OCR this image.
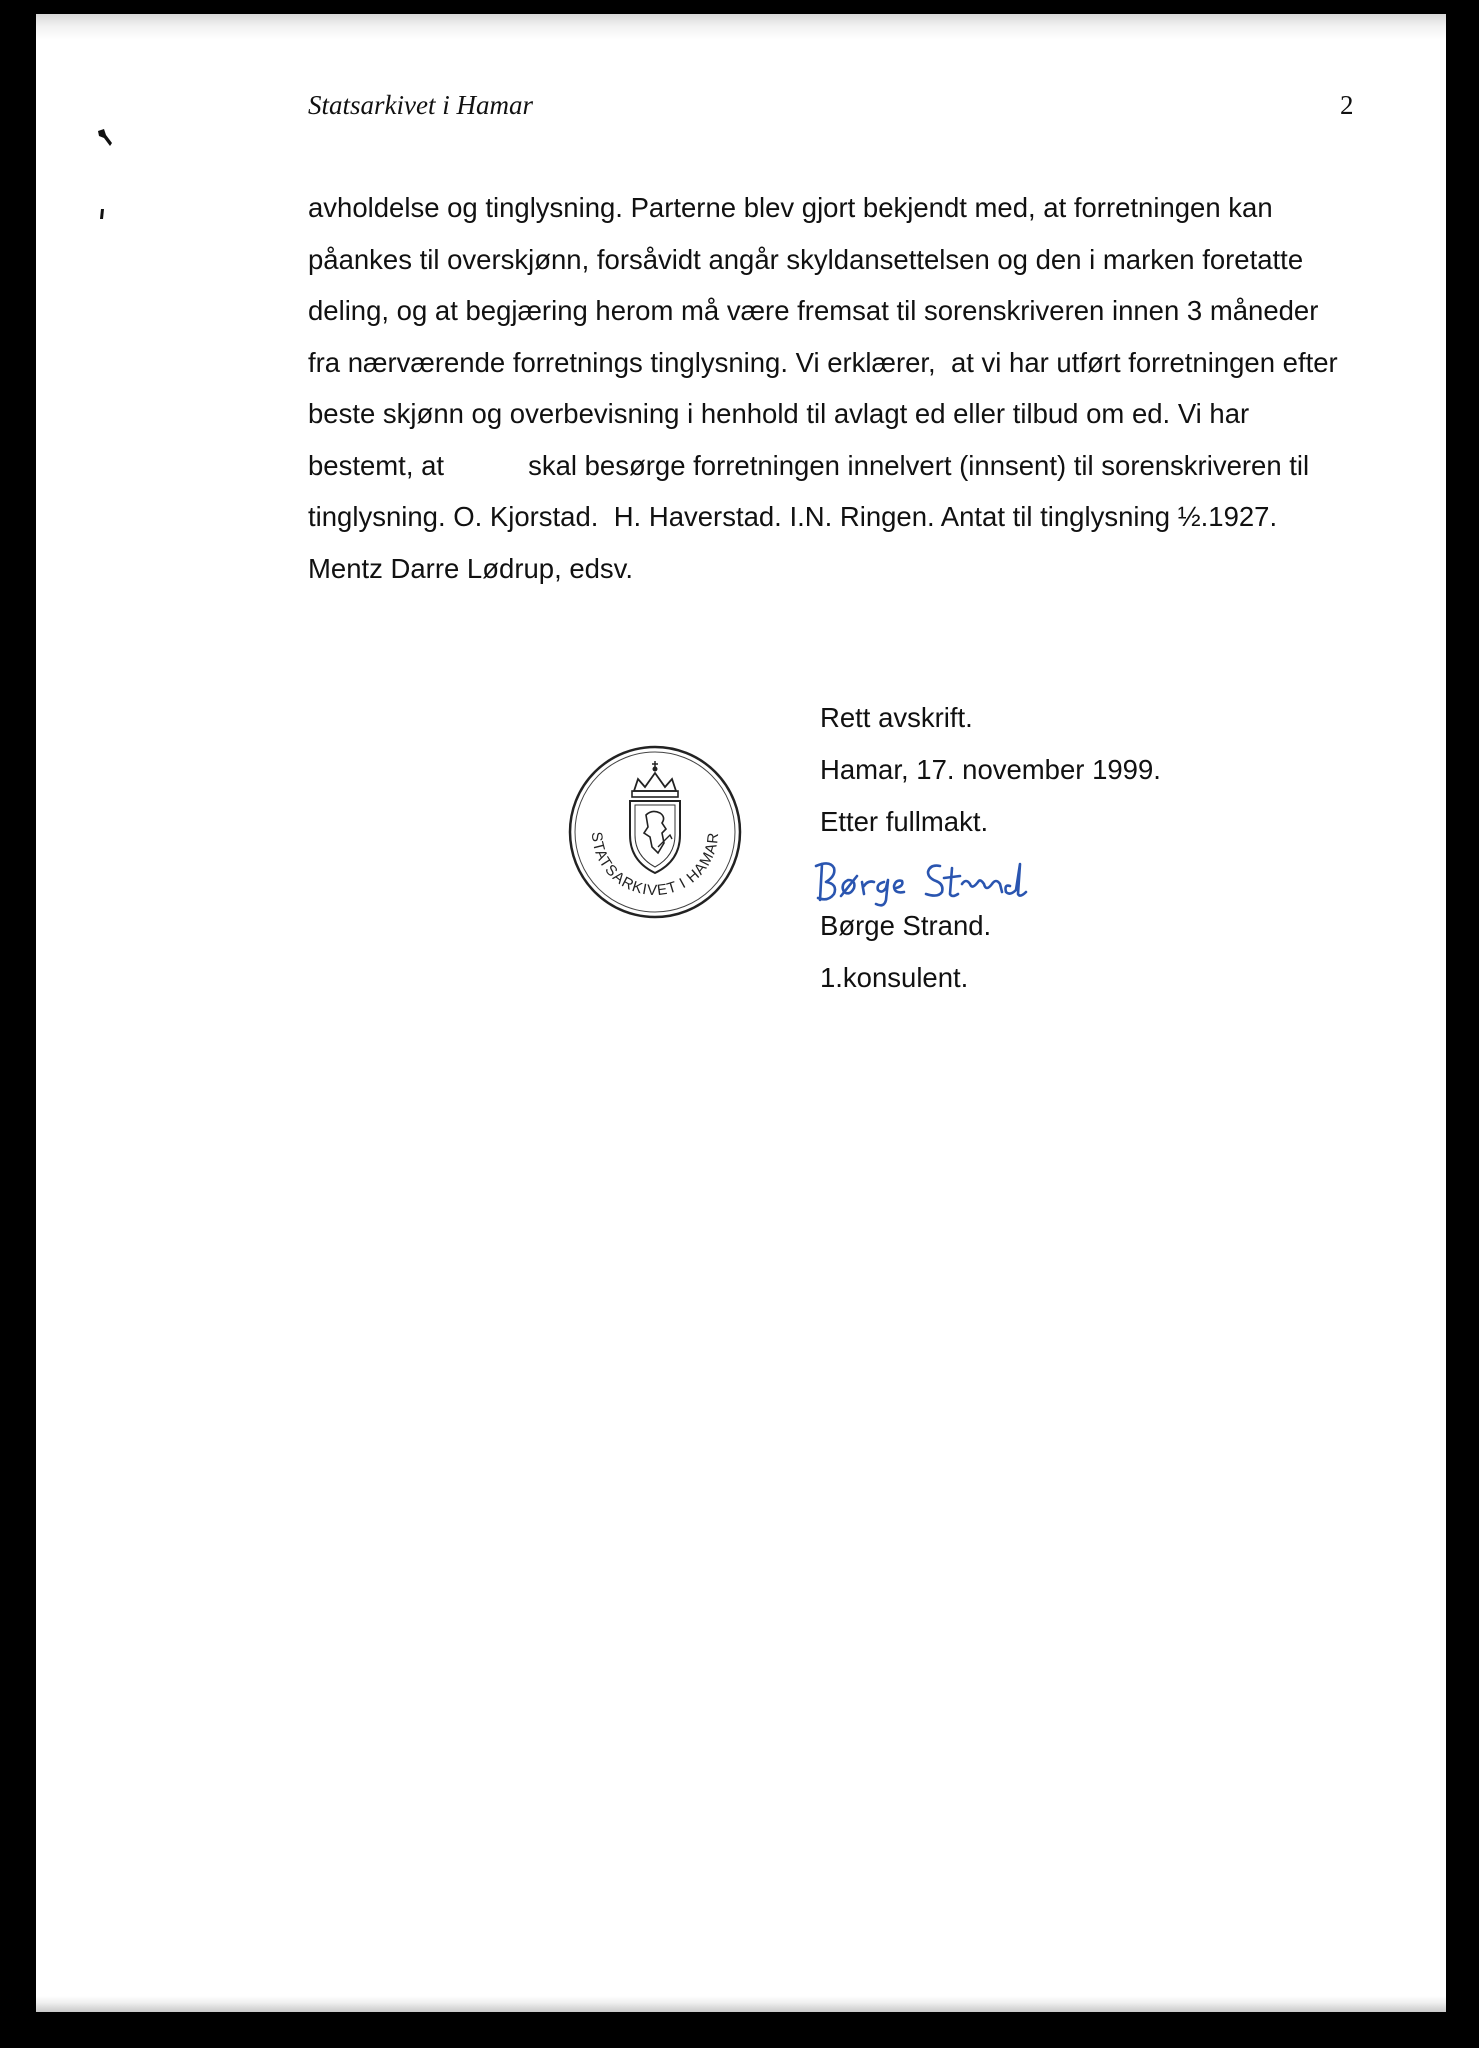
Statsarkivet i Hamar	2
avholdelse og tinglysning. Parterne blev gjort bekjendt med, at forretningen kan
påankes til overskjønn, forsåvidt angår skyldansettelsen og den i marken foretatte
deling, og at begjæring herom må være fremsat til sorenskriveren innen 3 måneder
fra nærværende forretnings tinglysning. Vi erklærer,  at vi har utført forretningen efter
beste skjønn og overbevisning i henhold til avlagt ed eller tilbud om ed. Vi har
bestemt, at           skal besørge forretningen innelvert (innsent) til sorenskriveren til
tinglysning. O. Kjorstad.  H. Haverstad. I.N. Ringen. Antat til tinglysning ½.1927.
Mentz Darre Lødrup, edsv.
STATSARKIVET I HAMAR
Rett avskrift.
Hamar, 17. november 1999.
Etter fullmakt.
Børge Strand.
1.konsulent.
